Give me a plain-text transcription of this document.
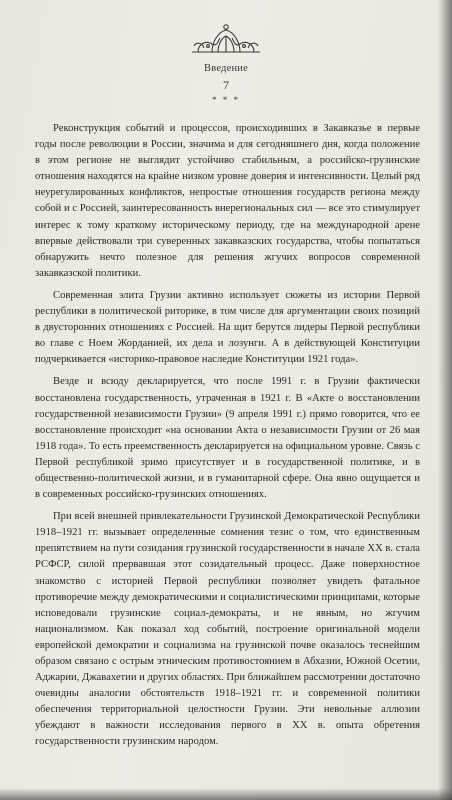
Введение
7
* * *

Реконструкция событий и процессов, происходивших в Закавказье в первые годы после революции в России, значима и для сегодняшнего дня, когда положение в этом регионе не выглядит устойчиво стабильным, а российско-грузинские отношения находятся на крайне низком уровне доверия и интенсивности. Целый ряд неурегулированных конфликтов, непростые отношения государств региона между собой и с Россией, заинтересованность внерегиональных сил — все это стимулирует интерес к тому краткому историческому периоду, где на международной арене впервые действовали три суверенных закавказских государства, чтобы попытаться обнаружить нечто полезное для решения жгучих вопросов современной закавказской политики.

Современная элита Грузии активно использует сюжеты из истории Первой республики в политической риторике, в том числе для аргументации своих позиций в двусторонних отношениях с Россией. На щит берутся лидеры Первой республики во главе с Ноем Жорданией, их дела и лозунги. А в действующей Конституции подчеркивается «историко-правовое наследие Конституции 1921 года».

Везде и всюду декларируется, что после 1991 г. в Грузии фактически восстановлена государственность, утраченная в 1921 г. В «Акте о восстановлении государственной независимости Грузии» (9 апреля 1991 г.) прямо говорится, что ее восстановление происходит «на основании Акта о независимости Грузии от 26 мая 1918 года». То есть преемственность декларируется на официальном уровне. Связь с Первой республикой зримо присутствует и в государственной политике, и в общественно-политической жизни, и в гуманитарной сфере. Она явно ощущается и в современных российско-грузинских отношениях.

При всей внешней привлекательности Грузинской Демократической Республики 1918–1921 гг. вызывает определенные сомнения тезис о том, что единственным препятствием на пути созидания грузинской государственности в начале XX в. стала РСФСР, силой прервавшая этот созидательный процесс. Даже поверхностное знакомство с историей Первой республики позволяет увидеть фатальное противоречие между демократическими и социалистическими принципами, которые исповедовали грузинские социал-демократы, и не явным, но жгучим национализмом. Как показал ход событий, построение оригинальной модели европейской демократии и социализма на грузинской почве оказалось теснейшим образом связано с острым этническим противостоянием в Абхазии, Южной Осетии, Аджарии, Джавахетии и других областях. При ближайшем рассмотрении достаточно очевидны аналогии обстоятельств 1918–1921 гг. и современной политики обеспечения территориальной целостности Грузии. Эти невольные аллюзии убеждают в важности исследования первого в XX в. опыта обретения государственности грузинским народом.
